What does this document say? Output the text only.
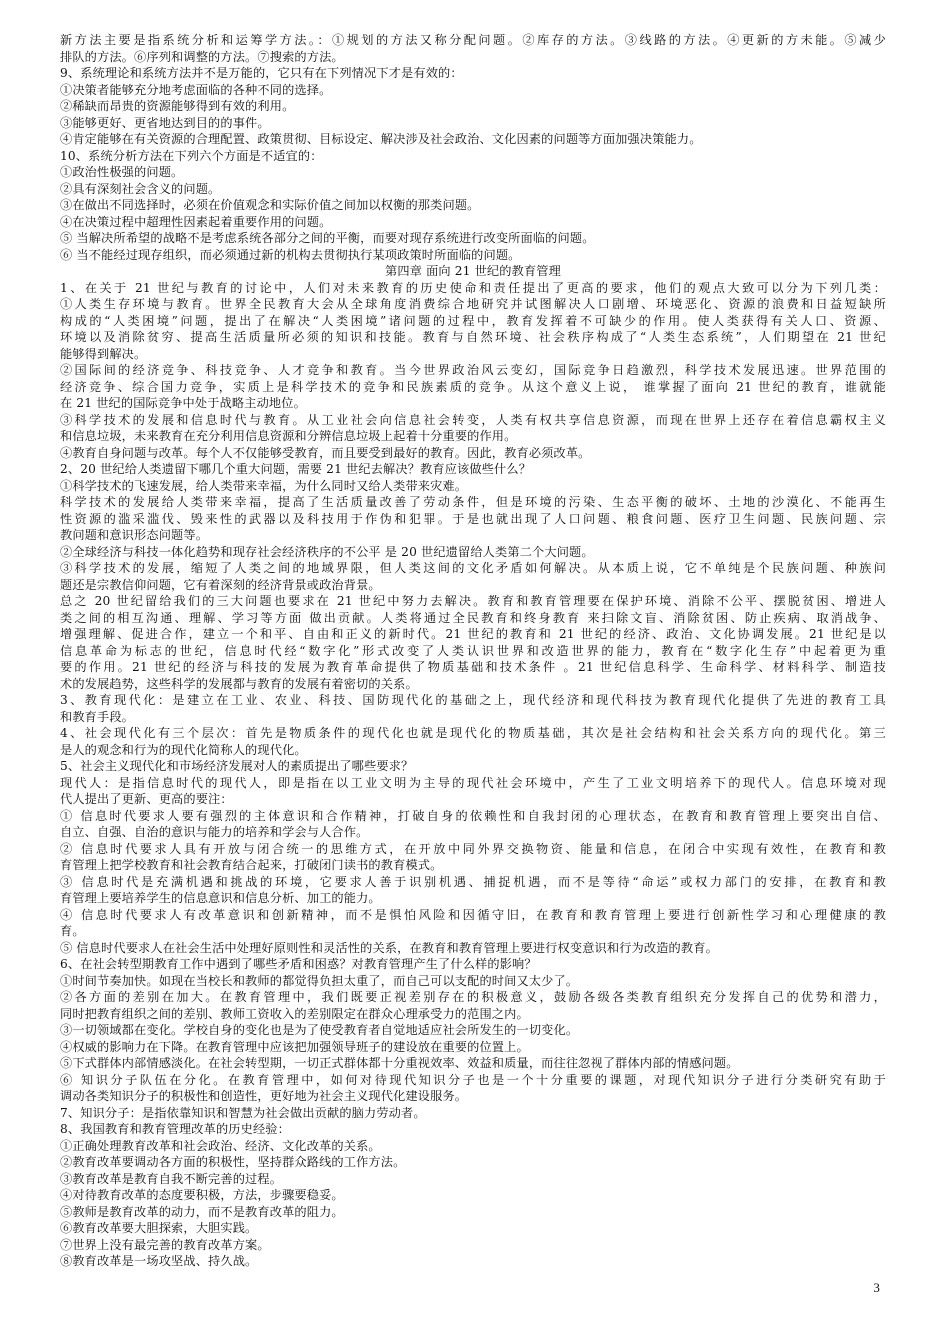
新方法主要是指系统分析和运筹学方法。：①规划的方法又称分配问题。②库存的方法。③线路的方法。④更新的方未能。⑤减少
排队的方法。⑥序列和调整的方法。⑦搜索的方法。
9、系统理论和系统方法并不是万能的，它只有在下列情况下才是有效的：
①决策者能够充分地考虑面临的各种不同的选择。
②稀缺而昂贵的资源能够得到有效的利用。
③能够更好、更省地达到目的的事件。
④肯定能够在有关资源的合理配置、政策贯彻、目标设定、解决涉及社会政治、文化因素的问题等方面加强决策能力。
10、系统分析方法在下列六个方面是不适宜的：
①政治性极强的问题。
②具有深刻社会含义的问题。
③在做出不同选择时，必须在价值观念和实际价值之间加以权衡的那类问题。
④在决策过程中超理性因素起着重要作用的问题。
⑤ 当解决所希望的战略不是考虑系统各部分之间的平衡，而要对现存系统进行改变所面临的问题。
⑥ 当不能经过现存组织，而必须通过新的机构去贯彻执行某项政策时所面临的问题。
第四章 面向 21 世纪的教育管理
1、在关于 21 世纪与教育的讨论中，人们对未来教育的历史使命和责任提出了更高的要求，他们的观点大致可以分为下列几类：
①人类生存环境与教育。世界全民教育大会从全球角度消费综合地研究并试图解决人口剧增、环境恶化、资源的浪费和日益短缺所
构成的“人类困境”问题，提出了在解决“人类困境”诸问题的过程中，教育发挥着不可缺少的作用。使人类获得有关人口、资源、
环境以及消除贫穷、提高生活质量所必须的知识和技能。教育与自然环境、社会秩序构成了“人类生态系统”，人们期望在 21 世纪
能够得到解决。
②国际间的经济竞争、科技竞争、人才竞争和教育。当今世界政治风云变幻，国际竞争日趋激烈，科学技术发展迅速。世界范围的
经济竞争、综合国力竞争，实质上是科学技术的竞争和民族素质的竞争。从这个意义上说， 谁掌握了面向 21 世纪的教育，谁就能
在 21 世纪的国际竞争中处于战略主动地位。
③科学技术的发展和信息时代与教育。从工业社会向信息社会转变，人类有权共享信息资源，而现在世界上还存在着信息霸权主义
和信息垃圾，未来教育在充分利用信息资源和分辨信息垃圾上起着十分重要的作用。
④教育自身问题与改革。每个人不仅能够受教育，而且要受到最好的教育。因此，教育必须改革。
2、20 世纪给人类遗留下哪几个重大问题，需要 21 世纪去解决？教育应该做些什么？
①科学技术的飞速发展，给人类带来幸福，为什么同时又给人类带来灾难。
科学技术的发展给人类带来幸福，提高了生活质量改善了劳动条件，但是环境的污染、生态平衡的破坏、土地的沙漠化、不能再生
性资源的滥采滥伐、毁来性的武器以及科技用于作伪和犯罪。于是也就出现了人口问题、粮食问题、医疗卫生问题、民族问题、宗
教问题和意识形态问题等。
②全球经济与科技一体化趋势和现存社会经济秩序的不公平 是 20 世纪遗留给人类第二个大问题。
③科学技术的发展，缩短了人类之间的地域界限，但人类这间的文化矛盾如何解决。从本质上说，它不单纯是个民族问题、种族问
题还是宗教信仰问题，它有着深刻的经济背景或政治背景。
总之 20 世纪留给我们的三大问题也要求在 21 世纪中努力去解决。教育和教育管理要在保护环境、消除不公平、摆脱贫困、增进人
类之间的相互沟通、理解、学习等方面 做出贡献。人类将通过全民教育和终身教育 来扫除文盲、消除贫困、防止疾病、取消战争、
增强理解、促进合作，建立一个和平、自由和正义的新时代。21 世纪的教育和 21 世纪的经济、政治、文化协调发展。21 世纪是以
信息革命为标志的世纪，信息时代经“数字化”形式改变了人类认识世界和改造世界的能力，教育在“数字化生存”中起着更为重
要的作用。21 世纪的经济与科技的发展为教育革命提供了物质基础和技术条件 。21 世纪信息科学、生命科学、材料科学、制造技
术的发展趋势，这些科学的发展都与教育的发展有着密切的关系。
3、教育现代化：是建立在工业、农业、科技、国防现代化的基础之上，现代经济和现代科技为教育现代化提供了先进的教育工具
和教育手段。
4、社会现代化有三个层次：首先是物质条件的现代化也就是现代化的物质基础，其次是社会结构和社会关系方向的现代化。第三
是人的观念和行为的现代化简称人的现代化。
5、社会主义现代化和市场经济发展对人的素质提出了哪些要求？
现代人：是指信息时代的现代人，即是指在以工业文明为主导的现代社会环境中，产生了工业文明培养下的现代人。信息环境对现
代人提出了更新、更高的要注：
① 信息时代要求人要有强烈的主体意识和合作精神，打破自身的依赖性和自我封闭的心理状态，在教育和教育管理上要突出自信、
自立、自强、自治的意识与能力的培养和学会与人合作。
② 信息时代要求人具有开放与闭合统一的思维方式，在开放中同外界交换物资、能量和信息，在闭合中实现有效性，在教育和教
育管理上把学校教育和社会教育结合起来，打破闭门读书的教育模式。
③ 信息时代是充满机遇和挑战的环境，它要求人善于识别机遇、捕捉机遇，而不是等待“命运”或权力部门的安排，在教育和教
育管理上要培养学生的信息意识和信息分析、加工的能力。
④ 信息时代要求人有改革意识和创新精神，而不是惧怕风险和因循守旧，在教育和教育管理上要进行创新性学习和心理健康的教
育。
⑤ 信息时代要求人在社会生活中处理好原则性和灵活性的关系，在教育和教育管理上要进行权变意识和行为改造的教育。
6、在社会转型期教育工作中遇到了哪些矛盾和困惑？对教育管理产生了什么样的影响？
①时间节奏加快。如现在当校长和教师的都觉得负担太重了，而自己可以支配的时间又太少了。
②各方面的差别在加大。在教育管理中，我们既要正视差别存在的积极意义，鼓励各级各类教育组织充分发挥自己的优势和潜力，
同时把教育组织之间的差别、教师工资收入的差别限定在群众心理承受力的范围之内。
③一切领域都在变化。学校自身的变化也是为了使受教育者自觉地适应社会所发生的一切变化。
④权威的影响力在下降。在教育管理中应该把加强领导班子的建设放在重要的位置上。
⑤下式群体内部情感淡化。在社会转型期，一切正式群体都十分重视效率、效益和质量，而往往忽视了群体内部的情感问题。
⑥ 知识分子队伍在分化。在教育管理中，如何对待现代知识分子也是一个十分重要的课题，对现代知识分子进行分类研究有助于
调动各类知识分子的积极性和创造性，更好地为社会主义现代化建设服务。
7、知识分子：是指依靠知识和智慧为社会做出贡献的脑力劳动者。
8、我国教育和教育管理改革的历史经验：
①正确处理教育改革和社会政治、经济、文化改革的关系。
②教育改革要调动各方面的积极性，坚持群众路线的工作方法。
③教育改革是教育自我不断完善的过程。
④对待教育改革的态度要积极，方法，步骤要稳妥。
⑤教师是教育改革的动力，而不是教育改革的阻力。
⑥教育改革要大胆探索，大胆实践。
⑦世界上没有最完善的教育改革方案。
⑧教育改革是一场攻坚战、持久战。
3
